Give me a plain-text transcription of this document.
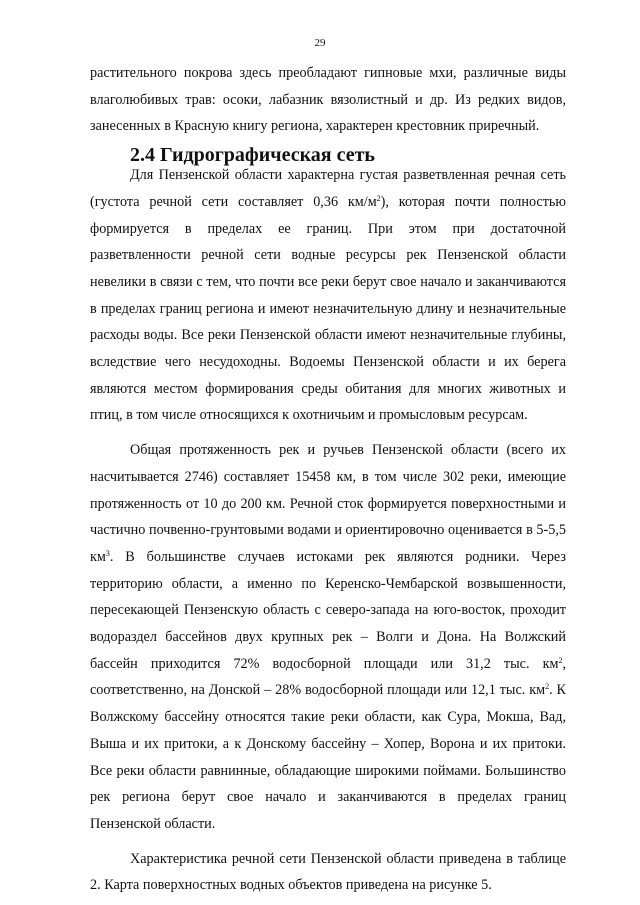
29

растительного покрова здесь преобладают гипновые мхи, различные виды влаголюбивых трав: осоки, лабазник вязолистный и др. Из редких видов, занесенных в Красную книгу региона, характерен крестовник приречный.

2.4 Гидрографическая сеть

Для Пензенской области характерна густая разветвленная речная сеть (густота речной сети составляет 0,36 $км/м^2$), которая почти полностью формируется в пределах ее границ. При этом при достаточной разветвленности речной сети водные ресурсы рек Пензенской области невелики в связи с тем, что почти все реки берут свое начало и заканчиваются в пределах границ региона и имеют незначительную длину и незначительные расходы воды. Все реки Пензенской области имеют незначительные глубины, вследствие чего несудоходны. Водоемы Пензенской области и их берега являются местом формирования среды обитания для многих животных и птиц, в том числе относящихся к охотничьим и промысловым ресурсам.

Общая протяженность рек и ручьев Пензенской области (всего их насчитывается 2746) составляет 15458 км, в том числе 302 реки, имеющие протяженность от 10 до 200 км. Речной сток формируется поверхностными и частично почвенно-грунтовыми водами и ориентировочно оценивается в 5-5,5 $км^3$. В большинстве случаев истоками рек являются родники. Через территорию области, а именно по Керенско-Чембарской возвышенности, пересекающей Пензенскую область с северо-запада на юго-восток, проходит водораздел бассейнов двух крупных рек – Волги и Дона. На Волжский бассейн приходится 72% водосборной площади или 31,2 тыс. $км^2$, соответственно, на Донской – 28% водосборной площади или 12,1 тыс. $км^2$. К Волжскому бассейну относятся такие реки области, как Сура, Мокша, Вад, Выша и их притоки, а к Донскому бассейну – Хопер, Ворона и их притоки. Все реки области равнинные, обладающие широкими поймами. Большинство рек региона берут свое начало и заканчиваются в пределах границ Пензенской области.

Характеристика речной сети Пензенской области приведена в таблице 2. Карта поверхностных водных объектов приведена на рисунке 5.
